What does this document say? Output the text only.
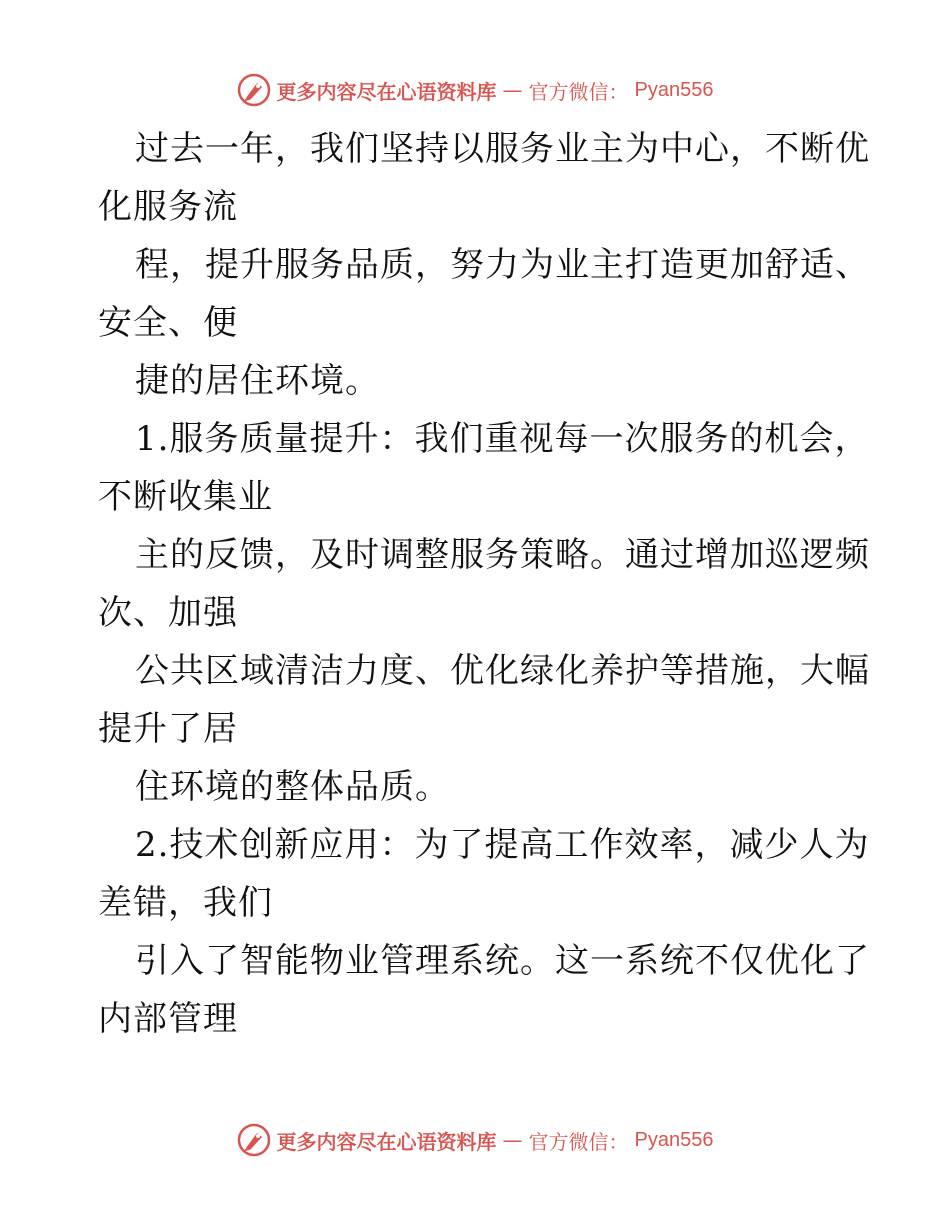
更多内容尽在心语资料库 — 官方微信： Pyan556
过去一年，我们坚持以服务业主为中心，不断优
化服务流
程，提升服务品质，努力为业主打造更加舒适、
安全、便
捷的居住环境。
1.服务质量提升：我们重视每一次服务的机会，
不断收集业
主的反馈，及时调整服务策略。通过增加巡逻频
次、加强
公共区域清洁力度、优化绿化养护等措施，大幅
提升了居
住环境的整体品质。
2.技术创新应用：为了提高工作效率，减少人为
差错，我们
引入了智能物业管理系统。这一系统不仅优化了
内部管理
更多内容尽在心语资料库 — 官方微信： Pyan556
